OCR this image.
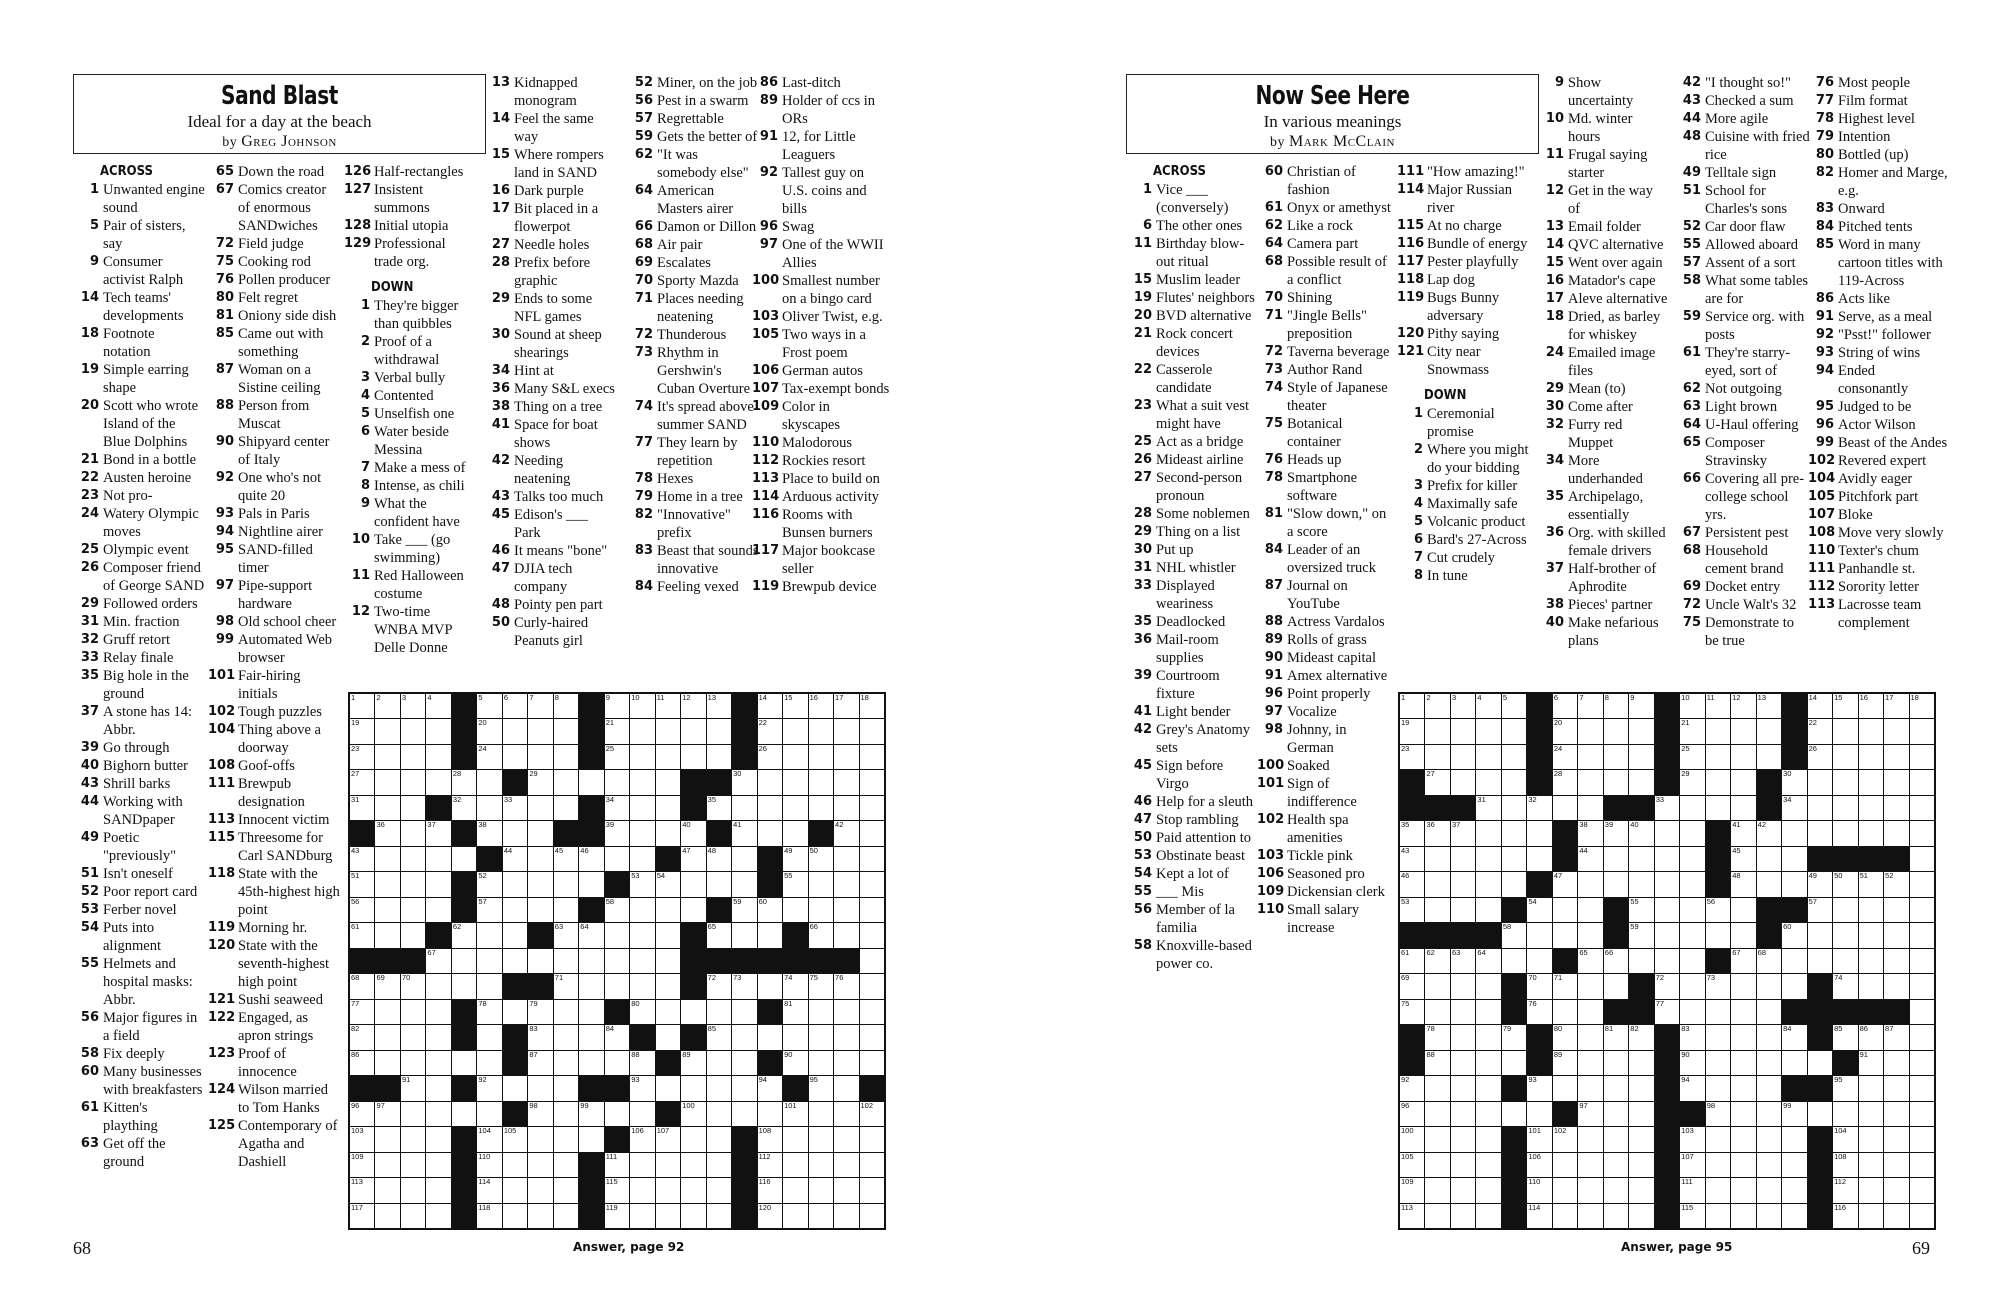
Sand Blast
Ideal for a day at the beach
by Greg Johnson
ACROSS
1 Unwanted engine sound
5 Pair of sisters, say
9 Consumer activist Ralph
14 Tech teams' developments
18 Footnote notation
19 Simple earring shape
20 Scott who wrote Island of the Blue Dolphins
21 Bond in a bottle
22 Austen heroine
23 Not pro-
24 Watery Olympic moves
25 Olympic event
26 Composer friend of George SAND
29 Followed orders
31 Min. fraction
32 Gruff retort
33 Relay finale
35 Big hole in the ground
37 A stone has 14: Abbr.
39 Go through
40 Bighorn butter
43 Shrill barks
44 Working with SANDpaper
49 Poetic "previously"
51 Isn't oneself
52 Poor report card
53 Ferber novel
54 Puts into alignment
55 Helmets and hospital masks: Abbr.
56 Major figures in a field
58 Fix deeply
60 Many businesses with breakfasters
61 Kitten's plaything
63 Get off the ground
65 Down the road
67 Comics creator of enormous SANDwiches
72 Field judge
75 Cooking rod
76 Pollen producer
80 Felt regret
81 Oniony side dish
85 Came out with something
87 Woman on a Sistine ceiling
88 Person from Muscat
90 Shipyard center of Italy
92 One who's not quite 20
93 Pals in Paris
94 Nightline airer
95 SAND-filled timer
97 Pipe-support hardware
98 Old school cheer
99 Automated Web browser
101 Fair-hiring initials
102 Tough puzzles
104 Thing above a doorway
108 Goof-offs
111 Brewpub designation
113 Innocent victim
115 Threesome for Carl SANDburg
118 State with the 45th-highest high point
119 Morning hr.
120 State with the seventh-highest high point
121 Sushi seaweed
122 Engaged, as apron strings
123 Proof of innocence
124 Wilson married to Tom Hanks
125 Contemporary of Agatha and Dashiell
126 Half-rectangles
127 Insistent summons
128 Initial utopia
129 Professional trade org.
DOWN
1 They're bigger than quibbles
2 Proof of a withdrawal
3 Verbal bully
4 Contented
5 Unselfish one
6 Water beside Messina
7 Make a mess of
8 Intense, as chili
9 What the confident have
10 Take ___ (go swimming)
11 Red Halloween costume
12 Two-time WNBA MVP Delle Donne
13 Kidnapped monogram
14 Feel the same way
15 Where rompers land in SAND
16 Dark purple
17 Bit placed in a flowerpot
27 Needle holes
28 Prefix before graphic
29 Ends to some NFL games
30 Sound at sheep shearings
34 Hint at
36 Many S&L execs
38 Thing on a tree
41 Space for boat shows
42 Needing neatening
43 Talks too much
45 Edison's ___ Park
46 It means "bone"
47 DJIA tech company
48 Pointy pen part
50 Curly-haired Peanuts girl
52 Miner, on the job
56 Pest in a swarm
57 Regrettable
59 Gets the better of
62 "It was somebody else"
64 American Masters airer
66 Damon or Dillon
68 Air pair
69 Escalates
70 Sporty Mazda
71 Places needing neatening
72 Thunderous
73 Rhythm in Gershwin's Cuban Overture
74 It's spread above summer SAND
77 They learn by repetition
78 Hexes
79 Home in a tree
82 "Innovative" prefix
83 Beast that sounds innovative
84 Feeling vexed
86 Last-ditch
89 Holder of ccs in ORs
91 12, for Little Leaguers
92 Tallest guy on U.S. coins and bills
96 Swag
97 One of the WWII Allies
100 Smallest number on a bingo card
103 Oliver Twist, e.g.
105 Two ways in a Frost poem
106 German autos
107 Tax-exempt bonds
109 Color in skyscapes
110 Malodorous
112 Rockies resort
113 Place to build on
114 Arduous activity
116 Rooms with Bunsen burners
117 Major bookcase seller
119 Brewpub device
1	2	3	4	5	6	7	8	9	10 11 12 13	14 15 16 17 18
19	20	21	22
23	24	25	26
27	28	29	30
31	32	33	34	35
36	37	38	39	40	41	42
43	44	45 46	47 48	49 50
51	52	53 54	55
56	57	58	59 60
61	62	63 64	65	66
67
68 69 70	71	72 73	74 75 76
77	78	79	80	81
82	83	84	85
86	87	88	89	90
91	92	93	94	95
96 97	98	99	100	101	102
103	104 105	106 107	108
109	110	111	112
113	114	115	116
117	118	119	120
68	Answer, page 92
Now See Here
In various meanings
by Mark McClain
ACROSS
1 Vice ___ (conversely)
6 The other ones
11 Birthday blow-out ritual
15 Muslim leader
19 Flutes' neighbors
20 BVD alternative
21 Rock concert devices
22 Casserole candidate
23 What a suit vest might have
25 Act as a bridge
26 Mideast airline
27 Second-person pronoun
28 Some noblemen
29 Thing on a list
30 Put up
31 NHL whistler
33 Displayed weariness
35 Deadlocked
36 Mail-room supplies
39 Courtroom fixture
41 Light bender
42 Grey's Anatomy sets
45 Sign before Virgo
46 Help for a sleuth
47 Stop rambling
50 Paid attention to
53 Obstinate beast
54 Kept a lot of
55 ___ Mis
56 Member of la familia
58 Knoxville-based power co.
60 Christian of fashion
61 Onyx or amethyst
62 Like a rock
64 Camera part
68 Possible result of a conflict
70 Shining
71 "Jingle Bells" preposition
72 Taverna beverage
73 Author Rand
74 Style of Japanese theater
75 Botanical container
76 Heads up
78 Smartphone software
81 "Slow down," on a score
84 Leader of an oversized truck
87 Journal on YouTube
88 Actress Vardalos
89 Rolls of grass
90 Mideast capital
91 Amex alternative
96 Point properly
97 Vocalize
98 Johnny, in German
100 Soaked
101 Sign of indifference
102 Health spa amenities
103 Tickle pink
106 Seasoned pro
109 Dickensian clerk
110 Small salary increase
111 "How amazing!"
114 Major Russian river
115 At no charge
116 Bundle of energy
117 Pester playfully
118 Lap dog
119 Bugs Bunny adversary
120 Pithy saying
121 City near Snowmass
DOWN
1 Ceremonial promise
2 Where you might do your bidding
3 Prefix for killer
4 Maximally safe
5 Volcanic product
6 Bard's 27-Across
7 Cut crudely
8 In tune
9 Show uncertainty
10 Md. winter hours
11 Frugal saying starter
12 Get in the way of
13 Email folder
14 QVC alternative
15 Went over again
16 Matador's cape
17 Aleve alternative
18 Dried, as barley for whiskey
24 Emailed image files
29 Mean (to)
30 Come after
32 Furry red Muppet
34 More underhanded
35 Archipelago, essentially
36 Org. with skilled female drivers
37 Half-brother of Aphrodite
38 Pieces' partner
40 Make nefarious plans
42 "I thought so!"
43 Checked a sum
44 More agile
48 Cuisine with fried rice
49 Telltale sign
51 School for Charles's sons
52 Car door flaw
55 Allowed aboard
57 Assent of a sort
58 What some tables are for
59 Service org. with posts
61 They're starry-eyed, sort of
62 Not outgoing
63 Light brown
64 U-Haul offering
65 Composer Stravinsky
66 Covering all pre-college school yrs.
67 Persistent pest
68 Household cement brand
69 Docket entry
72 Uncle Walt's 32
75 Demonstrate to be true
76 Most people
77 Film format
78 Highest level
79 Intention
80 Bottled (up)
82 Homer and Marge, e.g.
83 Onward
84 Pitched tents
85 Word in many cartoon titles with 119-Across
86 Acts like
91 Serve, as a meal
92 "Psst!" follower
93 String of wins
94 Ended consonantly
95 Judged to be
96 Actor Wilson
99 Beast of the Andes
102 Revered expert
104 Avidly eager
105 Pitchfork part
107 Bloke
108 Move very slowly
110 Texter's chum
111 Panhandle st.
112 Sorority letter
113 Lacrosse team complement
1	2	3	4	5	6	7	8	9	10 11 12 13	14 15 16 17 18
19	20	21	22
23	24	25	26
27	28	29	30
31	32	33	34
35 36 37	38 39 40	41 42
43	44	45
46	47	48	49 50 51 52
53	54	55	56	57
58	59	60
61 62 63 64	65 66	67 68
69	70 71	72	73	74
75	76	77
78	79	80	81 82	83	84	85 86 87
88	89	90	91
92	93	94	95
96	97	98	99
100	101 102	103	104
105	106	107	108
109	110	111	112
113	114	115	116
Answer, page 95	69
